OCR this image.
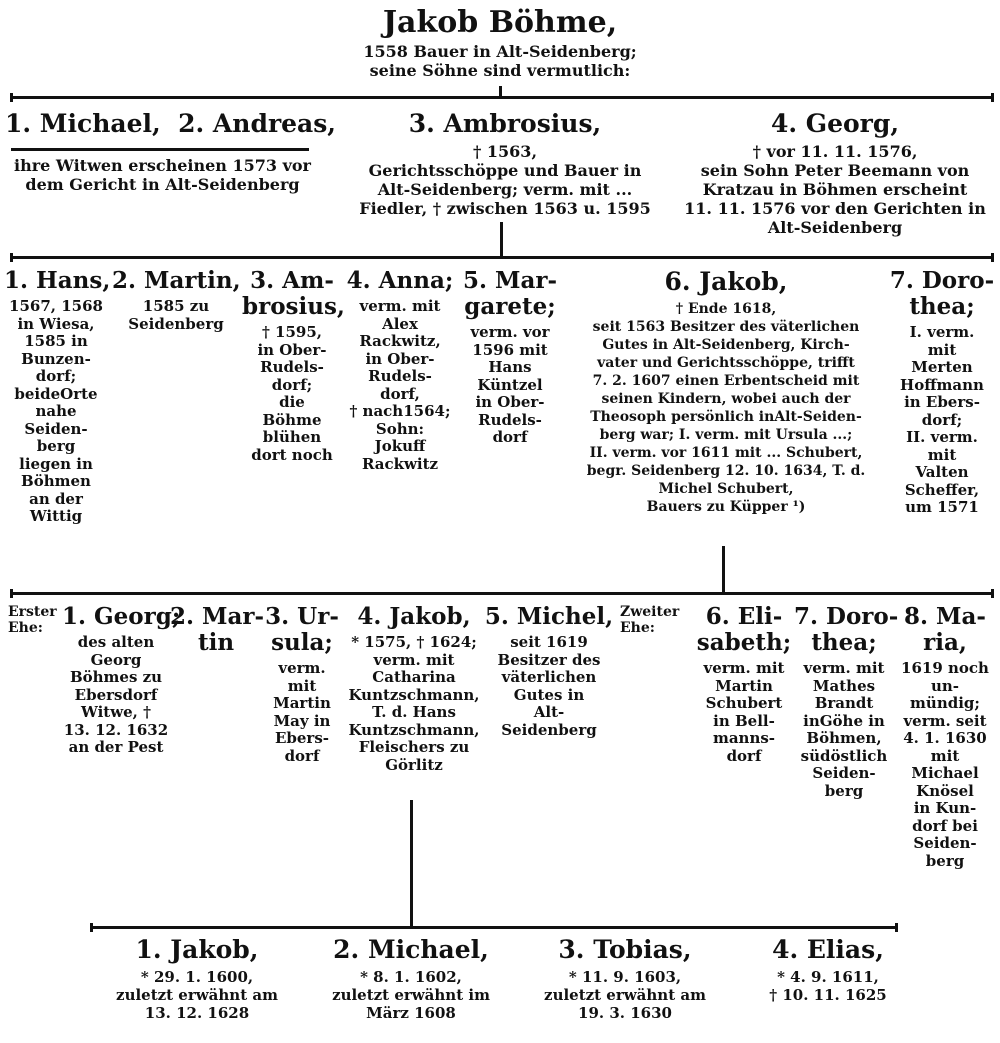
Jakob Böhme,
1558 Bauer in Alt-Seidenberg;
seine Söhne sind vermutlich:
1. Michael,  2. Andreas,
ihre Witwen erscheinen 1573 vor
dem Gericht in Alt-Seidenberg
3. Ambrosius,
† 1563,
Gerichtsschöppe und Bauer in
Alt-Seidenberg; verm. mit ...
Fiedler, † zwischen 1563 u. 1595
4. Georg,
† vor 11. 11. 1576,
sein Sohn Peter Beemann von
Kratzau in Böhmen erscheint
11. 11. 1576 vor den Gerichten in
Alt-Seidenberg
1. Hans,
1567, 1568
in Wiesa,
1585 in
Bunzen-
dorf;
beideOrte
nahe
Seiden-
berg
liegen in
Böhmen
an der
Wittig
2. Martin,
1585 zu
Seidenberg
3. Am-
brosius,
† 1595,
in Ober-
Rudels-
dorf;
die
Böhme
blühen
dort noch
4. Anna;
verm. mit
Alex
Rackwitz,
in Ober-
Rudels-
dorf,
† nach1564;
Sohn:
Jokuff
Rackwitz
5. Mar-
garete;
verm. vor
1596 mit
Hans
Küntzel
in Ober-
Rudels-
dorf
6. Jakob,
† Ende 1618,
seit 1563 Besitzer des väterlichen
Gutes in Alt-Seidenberg, Kirch-
vater und Gerichtsschöppe, trifft
7. 2. 1607 einen Erbentscheid mit
seinen Kindern, wobei auch der
Theosoph persönlich inAlt-Seiden-
berg war; I. verm. mit Ursula ...;
II. verm. vor 1611 mit ... Schubert,
begr. Seidenberg 12. 10. 1634, T. d.
Michel Schubert,
Bauers zu Küpper ¹)
7. Doro-
thea;
I. verm.
mit
Merten
Hoffmann
in Ebers-
dorf;
II. verm.
mit
Valten
Scheffer,
um 1571
Erster
Ehe:
Zweiter
Ehe:
1. Georg;
des alten
Georg
Böhmes zu
Ebersdorf
Witwe, †
13. 12. 1632
an der Pest
2. Mar-
tin
3. Ur-
sula;
verm.
mit
Martin
May in
Ebers-
dorf
4. Jakob,
* 1575, † 1624;
verm. mit
Catharina
Kuntzschmann,
T. d. Hans
Kuntzschmann,
Fleischers zu
Görlitz
5. Michel,
seit 1619
Besitzer des
väterlichen
Gutes in
Alt-
Seidenberg
6. Eli-
sabeth;
verm. mit
Martin
Schubert
in Bell-
manns-
dorf
7. Doro-
thea;
verm. mit
Mathes
Brandt
inGöhe in
Böhmen,
südöstlich
Seiden-
berg
8. Ma-
ria,
1619 noch
un-
mündig;
verm. seit
4. 1. 1630
mit
Michael
Knösel
in Kun-
dorf bei
Seiden-
berg
1. Jakob,
* 29. 1. 1600,
zuletzt erwähnt am
13. 12. 1628
2. Michael,
* 8. 1. 1602,
zuletzt erwähnt im
März 1608
3. Tobias,
* 11. 9. 1603,
zuletzt erwähnt am
19. 3. 1630
4. Elias,
* 4. 9. 1611,
† 10. 11. 1625
